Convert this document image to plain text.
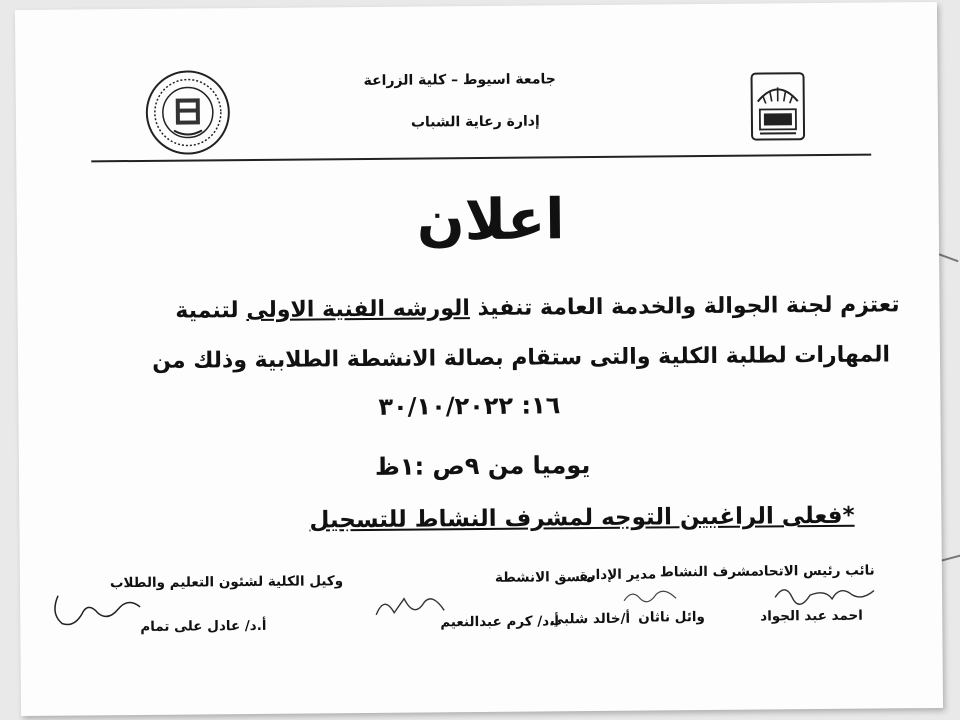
جامعة اسيوط – كلية الزراعة
إدارة رعاية الشباب
اعلان
تعتزم لجنة الجوالة والخدمة العامة تنفيذ الورشه الفنية الاولى لتنمية
المهارات لطلبة الكلية والتى ستقام بصالة الانشطة الطلابية وذلك من
١٦: ٣٠/١٠/٢٠٢٢
يوميا من ٩ص :١ظ
*فعلى الراغبين التوجه لمشرف النشاط للتسجيل
نائب رئيس الاتحاد
مشرف النشاط
مدير الإدارة
منسق الانشطة
وكيل الكلية لشئون التعليم والطلاب
احمد عبد الجواد
وائل ناثان
أ/خالد شلبي
أ.د/ كرم عبدالنعيم
أ.د/ عادل على تمام
